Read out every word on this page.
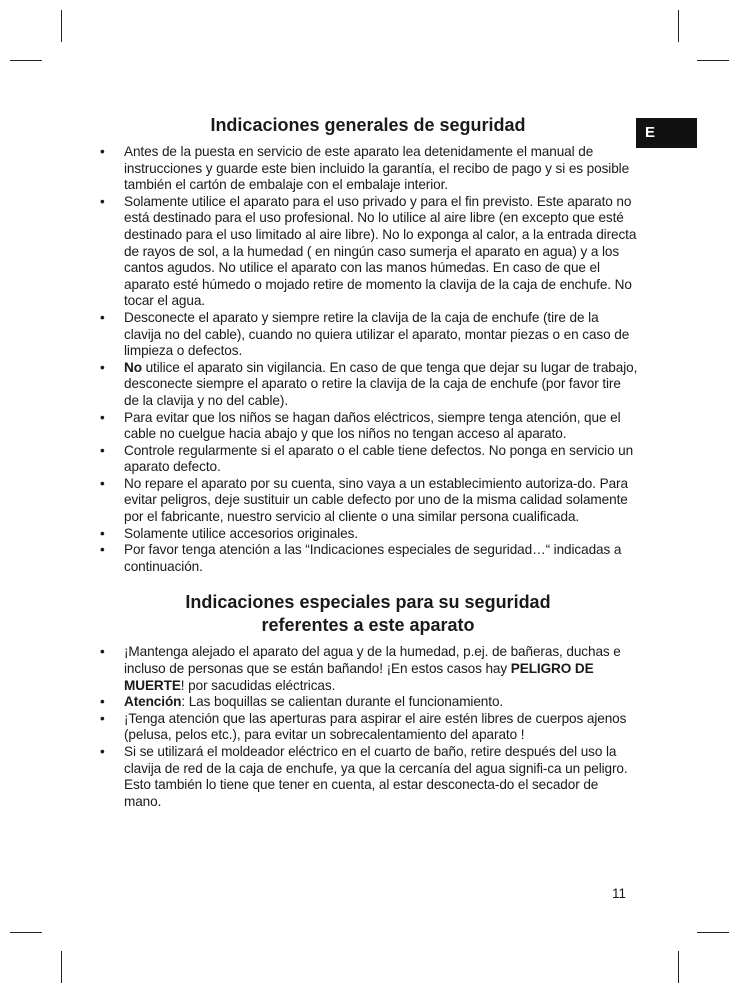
E
Indicaciones generales de seguridad
• Antes de la puesta en servicio de este aparato lea detenidamente el manual de instrucciones y guarde este bien incluido la garantía, el recibo de pago y si es posible también el cartón de embalaje con el embalaje interior.
• Solamente utilice el aparato para el uso privado y para el fin previsto. Este aparato no está destinado para el uso profesional. No lo utilice al aire libre (en excepto que esté destinado para el uso limitado al aire libre). No lo exponga al calor, a la entrada directa de rayos de sol, a la humedad ( en ningún caso sumerja el aparato en agua) y a los cantos agudos. No utilice el aparato con las manos húmedas. En caso de que el aparato esté húmedo o mojado retire de momento la clavija de la caja de enchufe. No tocar el agua.
• Desconecte el aparato y siempre retire la clavija de la caja de enchufe (tire de la clavija no del cable), cuando no quiera utilizar el aparato, montar piezas o en caso de limpieza o defectos.
• No utilice el aparato sin vigilancia. En caso de que tenga que dejar su lugar de trabajo, desconecte siempre el aparato o retire la clavija de la caja de enchufe (por favor tire de la clavija y no del cable).
• Para evitar que los niños se hagan daños eléctricos, siempre tenga atención, que el cable no cuelgue hacia abajo y que los niños no tengan acceso al aparato.
• Controle regularmente si el aparato o el cable tiene defectos. No ponga en servicio un aparato defecto.
• No repare el aparato por su cuenta, sino vaya a un establecimiento autoriza-do. Para evitar peligros, deje sustituir un cable defecto por uno de la misma calidad solamente por el fabricante, nuestro servicio al cliente o una similar persona cualificada.
• Solamente utilice accesorios originales.
• Por favor tenga atención a las “Indicaciones especiales de seguridad…“ indicadas a continuación.
Indicaciones especiales para su seguridad
referentes a este aparato
• ¡Mantenga alejado el aparato del agua y de la humedad, p.ej. de bañeras, duchas e incluso de personas que se están bañando! ¡En estos casos hay PELIGRO DE MUERTE! por sacudidas eléctricas.
• Atención: Las boquillas se calientan durante el funcionamiento.
• ¡Tenga atención que las aperturas para aspirar el aire estén libres de cuerpos ajenos (pelusa, pelos etc.), para evitar un sobrecalentamiento del aparato !
• Si se utilizará el moldeador eléctrico en el cuarto de baño, retire después del uso la clavija de red de la caja de enchufe, ya que la cercanía del agua signifi-ca un peligro. Esto también lo tiene que tener en cuenta, al estar desconecta-do el secador de mano.
11
